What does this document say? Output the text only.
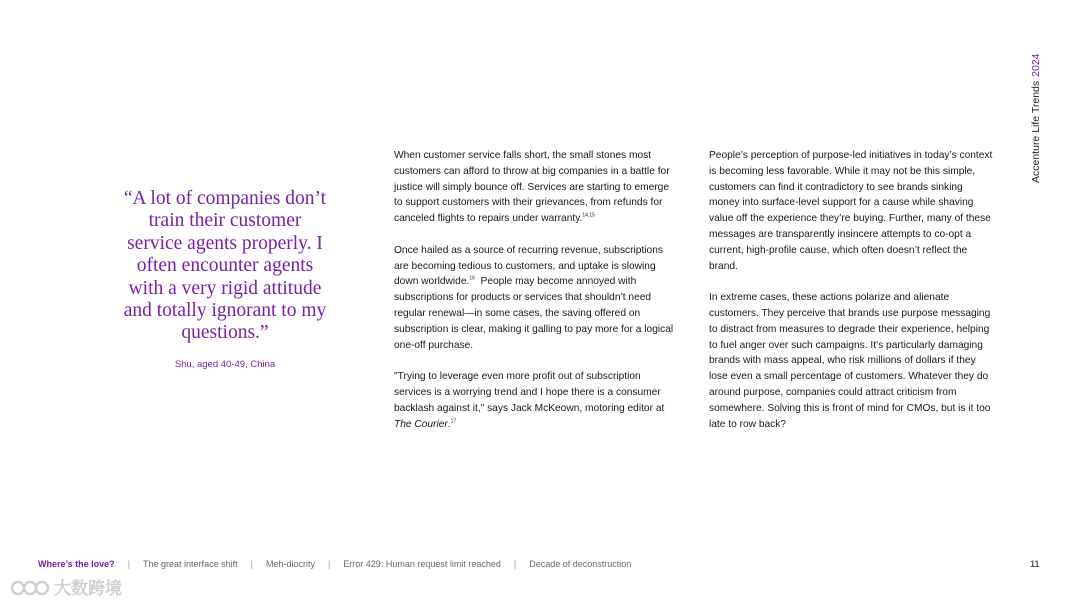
Accenture Life Trends2024

“A lot of companies don’t train their customer service agents properly. I often encounter agents with a very rigid attitude and totally ignorant to my questions.”

Shu, aged 40-49, China

When customer service falls short, the small stones most customers can afford to throw at big companies in a battle for justice will simply bounce off. Services are starting to emerge to support customers with their grievances, from refunds for canceled flights to repairs under warranty.$^{14,15}$

Once hailed as a source of recurring revenue, subscriptions are becoming tedious to customers, and uptake is slowing down worldwide.$^{16}$ People may become annoyed with subscriptions for products or services that shouldn’t need regular renewal—in some cases, the saving offered on subscription is clear, making it galling to pay more for a logical one-off purchase.

"Trying to leverage even more profit out of subscription services is a worrying trend and I hope there is a consumer backlash against it," says Jack McKeown, motoring editor at The Courier.$^{17}$

People’s perception of purpose-led initiatives in today’s context is becoming less favorable. While it may not be this simple, customers can find it contradictory to see brands sinking money into surface-level support for a cause while shaving value off the experience they’re buying. Further, many of these messages are transparently insincere attempts to co-opt a current, high-profile cause, which often doesn’t reflect the brand.

In extreme cases, these actions polarize and alienate customers. They perceive that brands use purpose messaging to distract from measures to degrade their experience, helping to fuel anger over such campaigns. It’s particularly damaging brands with mass appeal, who risk millions of dollars if they lose even a small percentage of customers. Whatever they do around purpose, companies could attract criticism from somewhere. Solving this is front of mind for CMOs, but is it too late to row back?

Where’s the love? | The great interface shift | Meh-diocrity | Error 429: Human request limit reached | Decade of deconstruction	11
大数跨境
